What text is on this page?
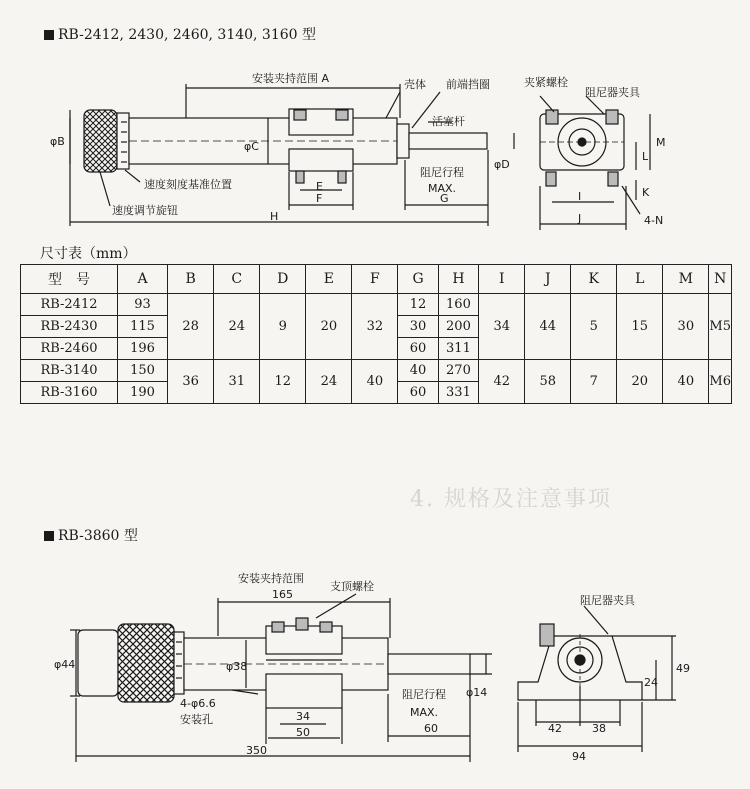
4. 规格及注意事项
RB-2412, 2430, 2460, 3140, 3160 型
安装夹持范围 A	壳体 前端挡圈	夹紧螺栓
阻尼器夹具
活塞杆
速度刻度基准位置
速度调节旋钮
阻尼行程
MAX.
φB	φC
φD
E
F	G
H
I
J
K
L
M
4-N
尺寸表（mm）
型　号	A	B	C	D	E	F	G	H	I	J	K	L	M	N
RB-2412	93	28	24	9	20	32	12	160	34	44	5	15	30	M5
RB-2430	115						30	200						
RB-2460	196						60	311						
RB-3140	150	36	31	12	24	40	40	270	42	58	7	20	40	M6
RB-3160	190						60	331						
RB-3860 型
安装夹持范围
165
支顶螺栓
阻尼器夹具
φ44	φ38
φ14
4-φ6.6
安装孔	34
50
阻尼行程
MAX.
60
350
42	38
94
24
49
